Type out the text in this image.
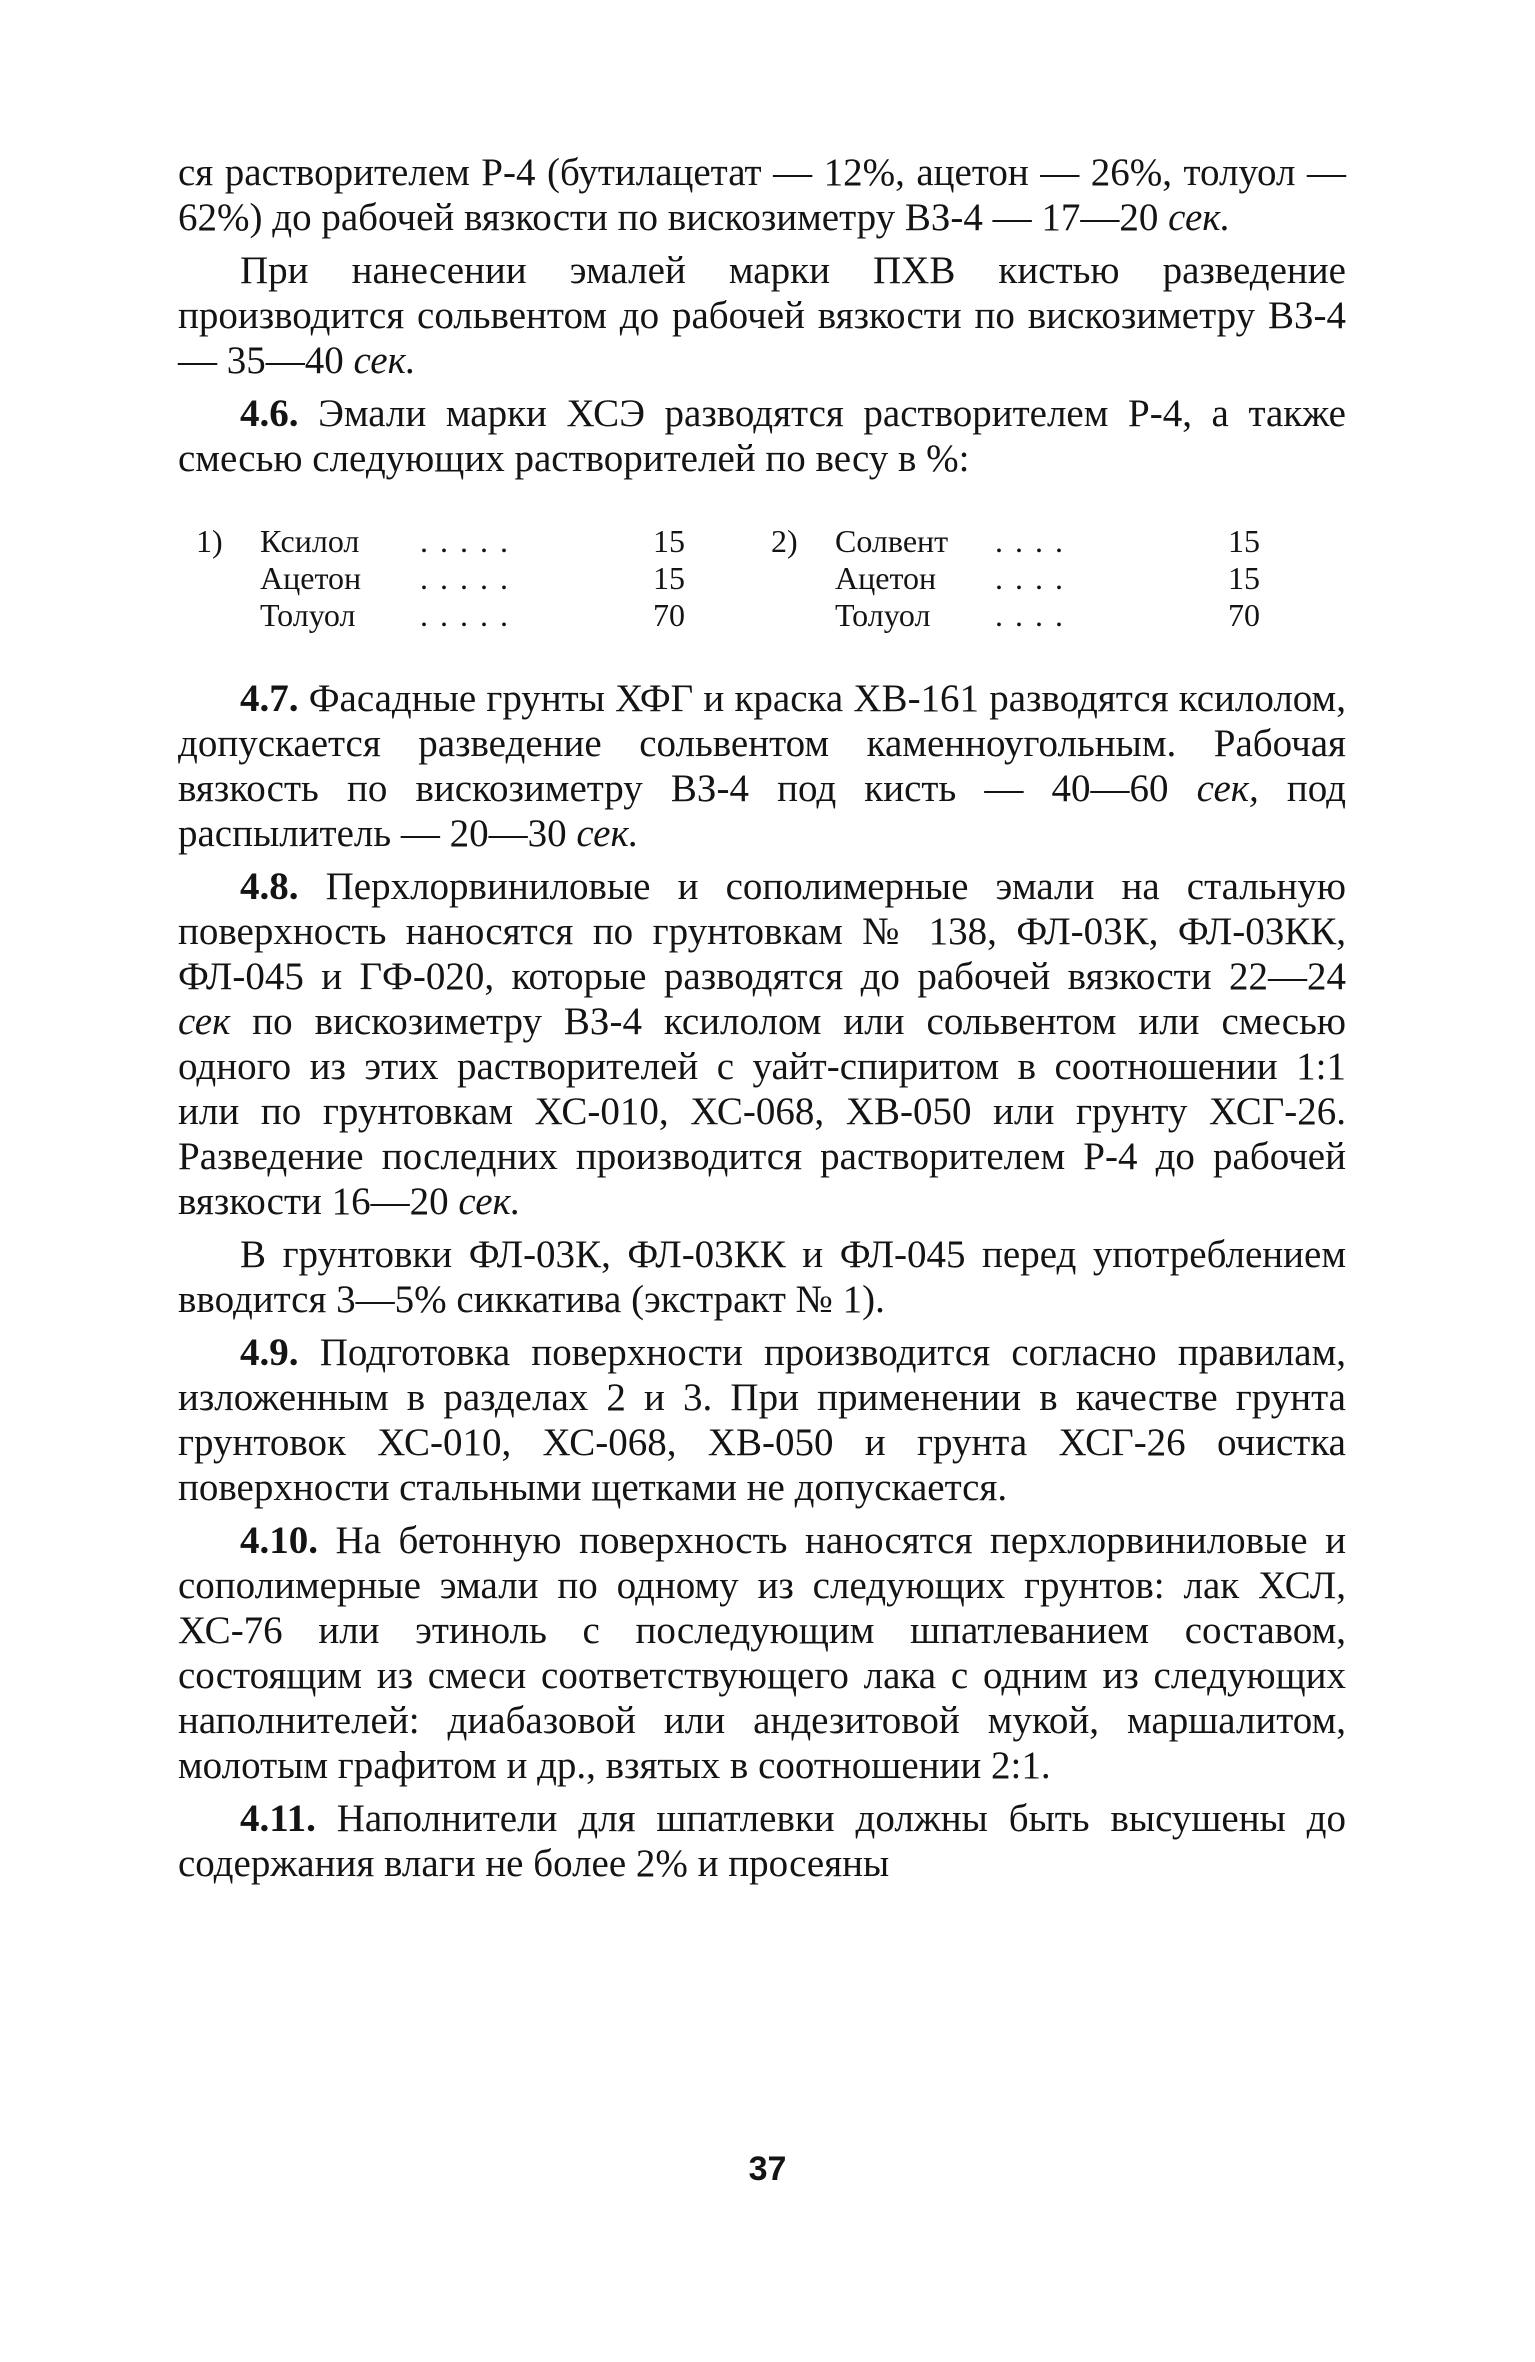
ся растворителем Р-4 (бутилацетат — 12%, ацетон — 26%, толуол — 62%) до рабочей вязкости по вискозиметру ВЗ-4 — 17—20 сек.

При нанесении эмалей марки ПХВ кистью разведение производится сольвентом до рабочей вязкости по вискозиметру ВЗ-4 — 35—40 сек.

4.6. Эмали марки ХСЭ разводятся растворителем Р-4, а также смесью следующих растворителей по весу в %:

1)	Ксилол	.....	15
Ацетон	.....	15
Толуол	.....	70
2)	Солвент	....	15
Ацетон	....	15
Толуол	....	70

4.7. Фасадные грунты ХФГ и краска ХВ-161 разводятся ксилолом, допускается разведение сольвентом каменноугольным. Рабочая вязкость по вискозиметру ВЗ-4 под кисть — 40—60 сек, под распылитель — 20—30 сек.

4.8. Перхлорвиниловые и сополимерные эмали на стальную поверхность наносятся по грунтовкам № 138, ФЛ-03К, ФЛ-03КК, ФЛ-045 и ГФ-020, которые разводятся до рабочей вязкости 22—24 сек по вискозиметру ВЗ-4 ксилолом или сольвентом или смесью одного из этих растворителей с уайт-спиритом в соотношении 1:1 или по грунтовкам ХС-010, ХС-068, ХВ-050 или грунту ХСГ-26. Разведение последних производится растворителем Р-4 до рабочей вязкости 16—20 сек.

В грунтовки ФЛ-03К, ФЛ-03КК и ФЛ-045 перед употреблением вводится 3—5% сиккатива (экстракт № 1).

4.9. Подготовка поверхности производится согласно правилам, изложенным в разделах 2 и 3. При применении в качестве грунта грунтовок ХС-010, ХС-068, ХВ-050 и грунта ХСГ-26 очистка поверхности стальными щетками не допускается.

4.10. На бетонную поверхность наносятся перхлорвиниловые и сополимерные эмали по одному из следующих грунтов: лак ХСЛ, ХС-76 или этиноль с последующим шпатлеванием составом, состоящим из смеси соответствующего лака с одним из следующих наполнителей: диабазовой или андезитовой мукой, маршалитом, молотым графитом и др., взятых в соотношении 2:1.

4.11. Наполнители для шпатлевки должны быть высушены до содержания влаги не более 2% и просеяны

37
